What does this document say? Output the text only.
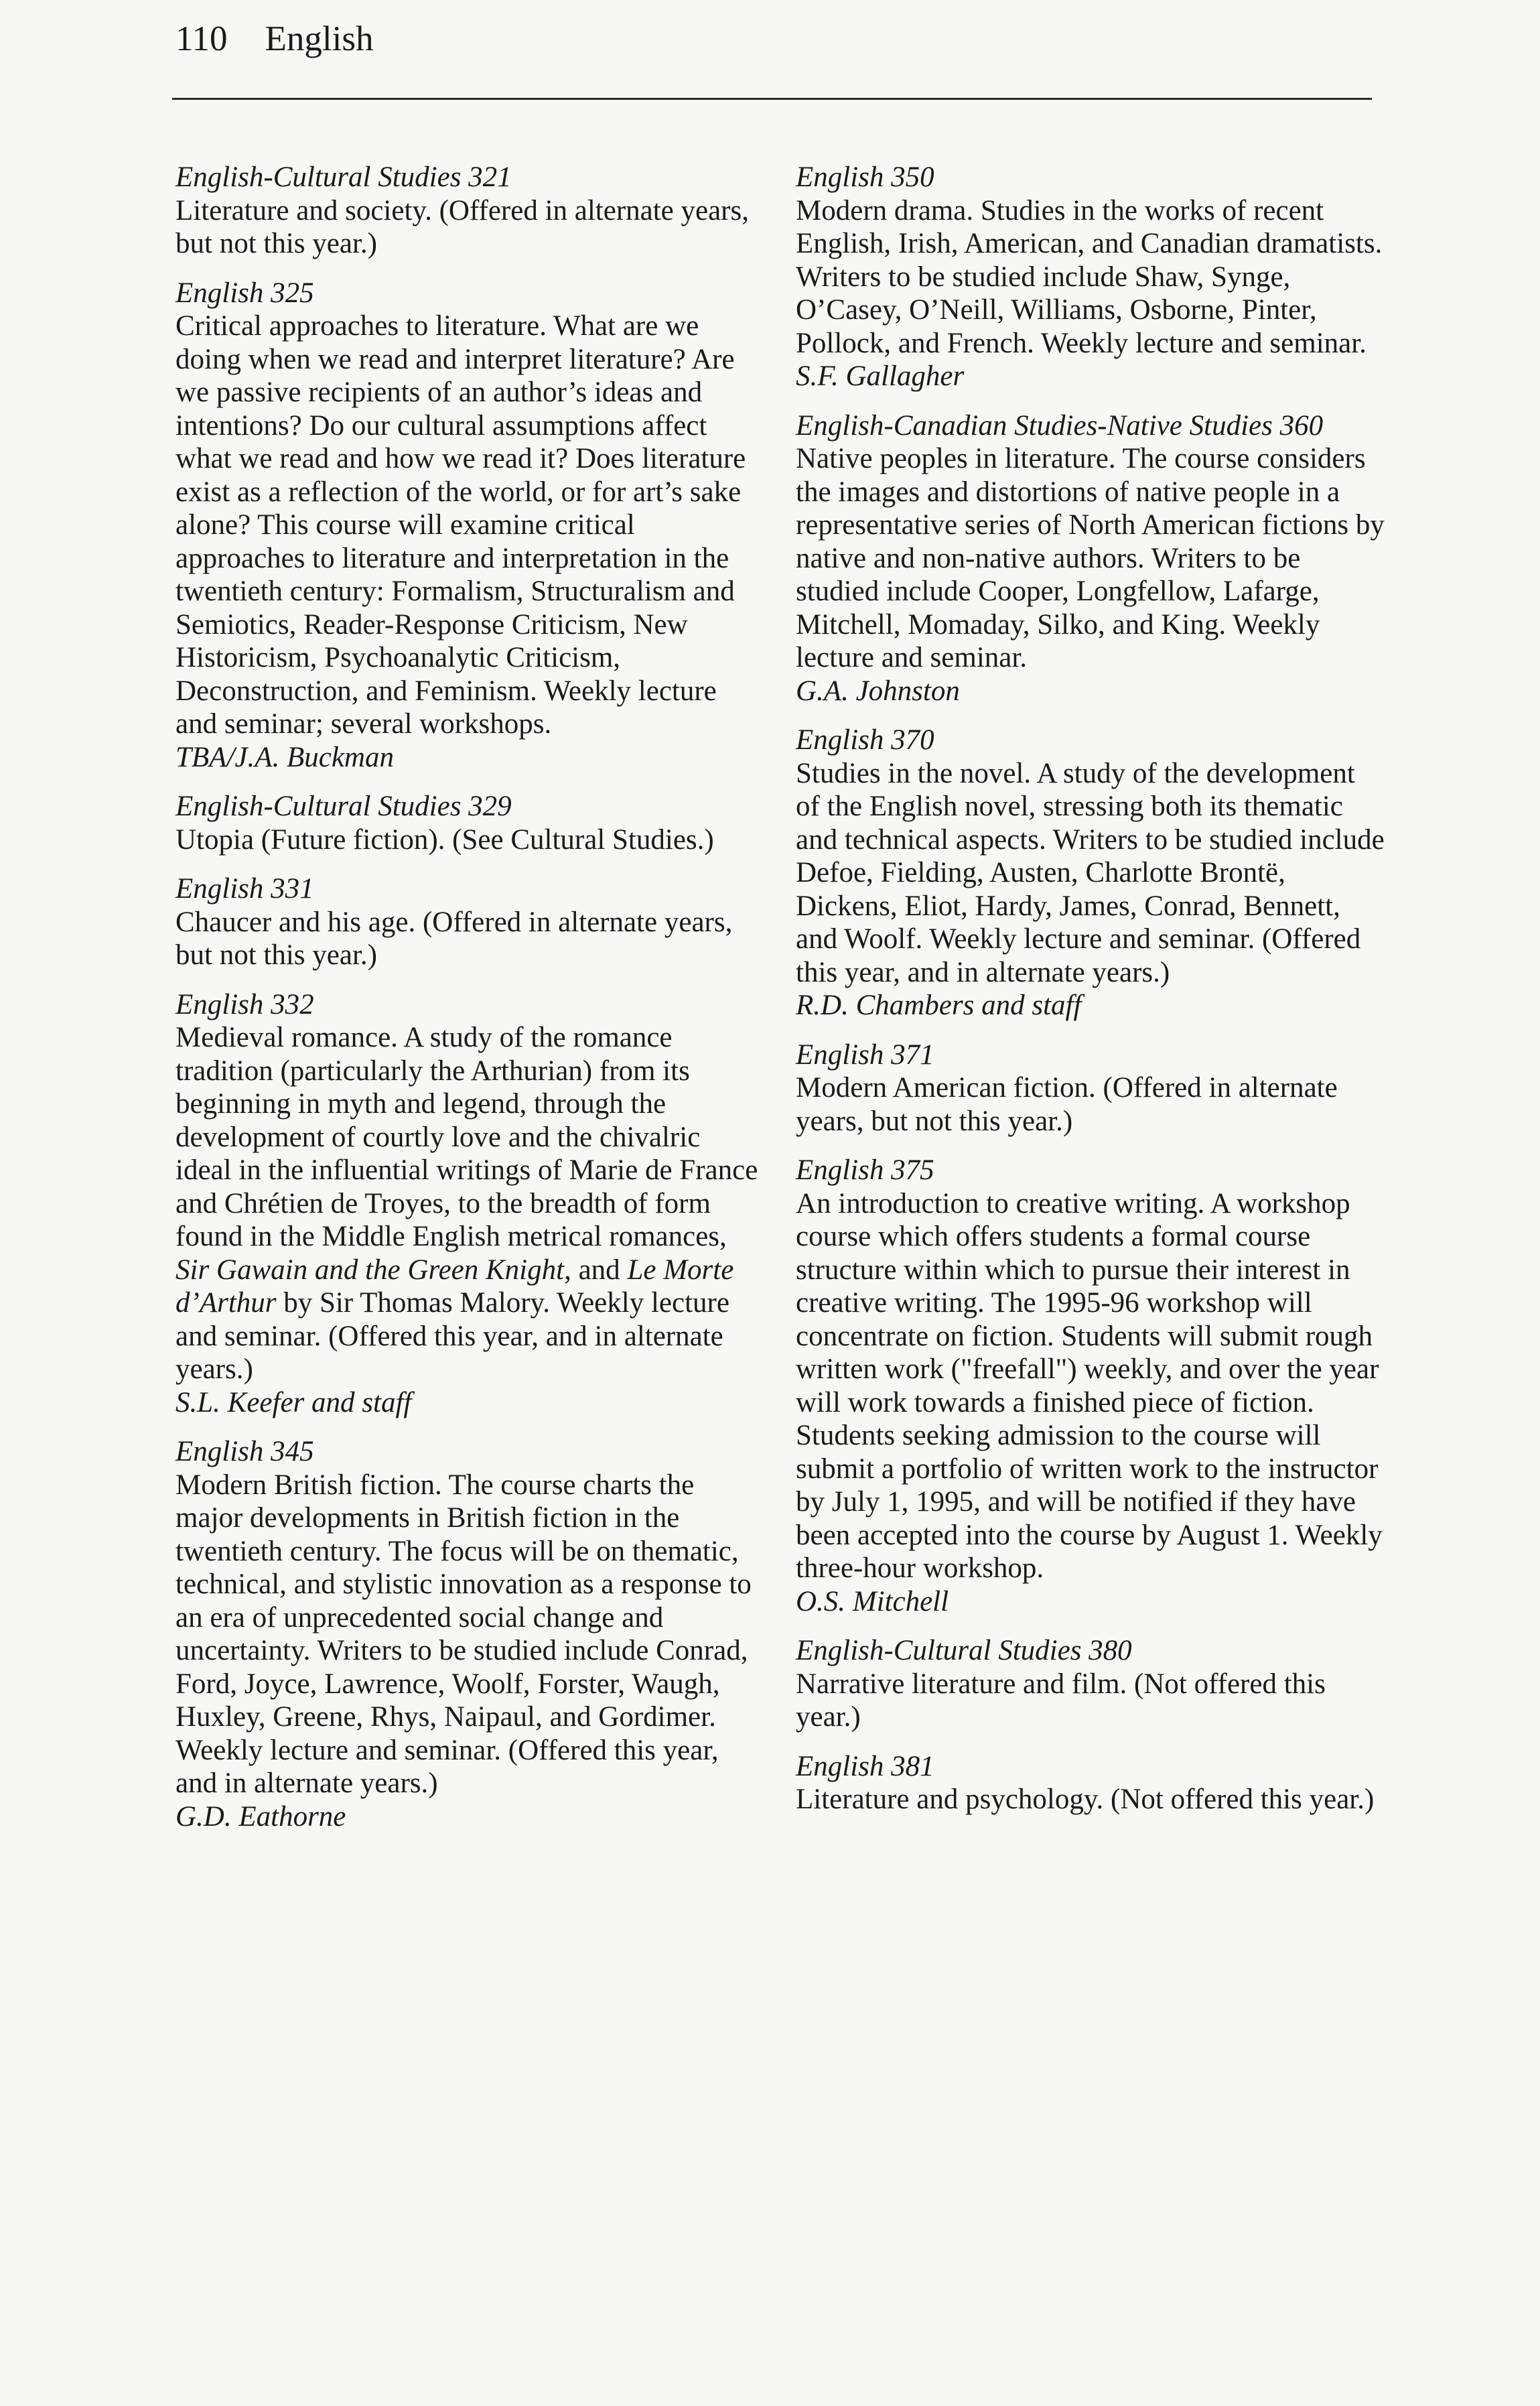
110 English

English-Cultural Studies 321

Literature and society. (Offered in alternate years, but not this year.)

English 325

Critical approaches to literature. What are we doing when we read and interpret literature? Are we passive recipients of an author’s ideas and intentions? Do our cultural assumptions affect what we read and how we read it? Does literature exist as a reflection of the world, or for art’s sake alone? This course will examine critical approaches to literature and interpretation in the twentieth century: Formalism, Structuralism and Semiotics, Reader-Response Criticism, New Historicism, Psychoanalytic Criticism, Deconstruction, and Feminism. Weekly lecture and seminar; several workshops.

TBA/J.A. Buckman

English-Cultural Studies 329

Utopia (Future fiction). (See Cultural Studies.)

English 331

Chaucer and his age. (Offered in alternate years, but not this year.)

English 332

Medieval romance. A study of the romance tradition (particularly the Arthurian) from its beginning in myth and legend, through the development of courtly love and the chivalric ideal in the influential writings of Marie de France and Chrétien de Troyes, to the breadth of form found in the Middle English metrical romances, Sir Gawain and the Green Knight, and Le Morte d’Arthur by Sir Thomas Malory. Weekly lecture and seminar. (Offered this year, and in alternate years.)

S.L. Keefer and staff

English 345

Modern British fiction. The course charts the major developments in British fiction in the twentieth century. The focus will be on thematic, technical, and stylistic innovation as a response to an era of unprecedented social change and uncertainty. Writers to be studied include Conrad, Ford, Joyce, Lawrence, Woolf, Forster, Waugh, Huxley, Greene, Rhys, Naipaul, and Gordimer. Weekly lecture and seminar. (Offered this year, and in alternate years.)

G.D. Eathorne

English 350

Modern drama. Studies in the works of recent English, Irish, American, and Canadian dramatists. Writers to be studied include Shaw, Synge, O’Casey, O’Neill, Williams, Osborne, Pinter, Pollock, and French. Weekly lecture and seminar.

S.F. Gallagher

English-Canadian Studies-Native Studies 360

Native peoples in literature. The course considers the images and distortions of native people in a representative series of North American fictions by native and non-native authors. Writers to be studied include Cooper, Longfellow, Lafarge, Mitchell, Momaday, Silko, and King. Weekly lecture and seminar.

G.A. Johnston

English 370

Studies in the novel. A study of the development of the English novel, stressing both its thematic and technical aspects. Writers to be studied include Defoe, Fielding, Austen, Charlotte Brontë, Dickens, Eliot, Hardy, James, Conrad, Bennett, and Woolf. Weekly lecture and seminar. (Offered this year, and in alternate years.)

R.D. Chambers and staff

English 371

Modern American fiction. (Offered in alternate years, but not this year.)

English 375

An introduction to creative writing. A workshop course which offers students a formal course structure within which to pursue their interest in creative writing. The 1995-96 workshop will concentrate on fiction. Students will submit rough written work ("freefall") weekly, and over the year will work towards a finished piece of fiction. Students seeking admission to the course will submit a portfolio of written work to the instructor by July 1, 1995, and will be notified if they have been accepted into the course by August 1. Weekly three-hour workshop.

O.S. Mitchell

English-Cultural Studies 380

Narrative literature and film. (Not offered this year.)

English 381

Literature and psychology. (Not offered this year.)
